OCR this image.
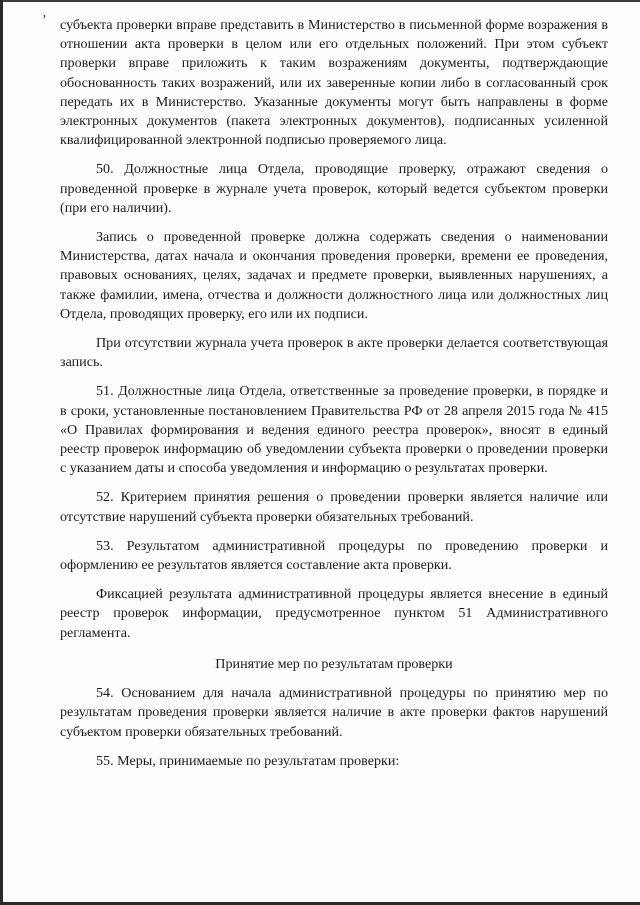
ʼ субъекта проверки вправе представить в Министерство в письменной форме возражения в отношении акта проверки в целом или его отдельных положений. При этом субъект проверки вправе приложить к таким возражениям документы, подтверждающие обоснованность таких возражений, или их заверенные копии либо в согласованный срок передать их в Министерство. Указанные документы могут быть направлены в форме электронных документов (пакета электронных документов), подписанных усиленной квалифицированной электронной подписью проверяемого лица.

50. Должностные лица Отдела, проводящие проверку, отражают сведения о проведенной проверке в журнале учета проверок, который ведется субъектом проверки (при его наличии).

Запись о проведенной проверке должна содержать сведения о наименовании Министерства, датах начала и окончания проведения проверки, времени ее проведения, правовых основаниях, целях, задачах и предмете проверки, выявленных нарушениях, а также фамилии, имена, отчества и должности должностного лица или должностных лиц Отдела, проводящих проверку, его или их подписи.

При отсутствии журнала учета проверок в акте проверки делается соответствующая запись.

51. Должностные лица Отдела, ответственные за проведение проверки, в порядке и в сроки, установленные постановлением Правительства РФ от 28 апреля 2015 года № 415 «О Правилах формирования и ведения единого реестра проверок», вносят в единый реестр проверок информацию об уведомлении субъекта проверки о проведении проверки с указанием даты и способа уведомления и информацию о результатах проверки.

52. Критерием принятия решения о проведении проверки является наличие или отсутствие нарушений субъекта проверки обязательных требований.

53. Результатом административной процедуры по проведению проверки и оформлению ее результатов является составление акта проверки.

Фиксацией результата административной процедуры является внесение в единый реестр проверок информации, предусмотренное пунктом 51 Административного регламента.

Принятие мер по результатам проверки

54. Основанием для начала административной процедуры по принятию мер по результатам проведения проверки является наличие в акте проверки фактов нарушений субъектом проверки обязательных требований.

55. Меры, принимаемые по результатам проверки:
